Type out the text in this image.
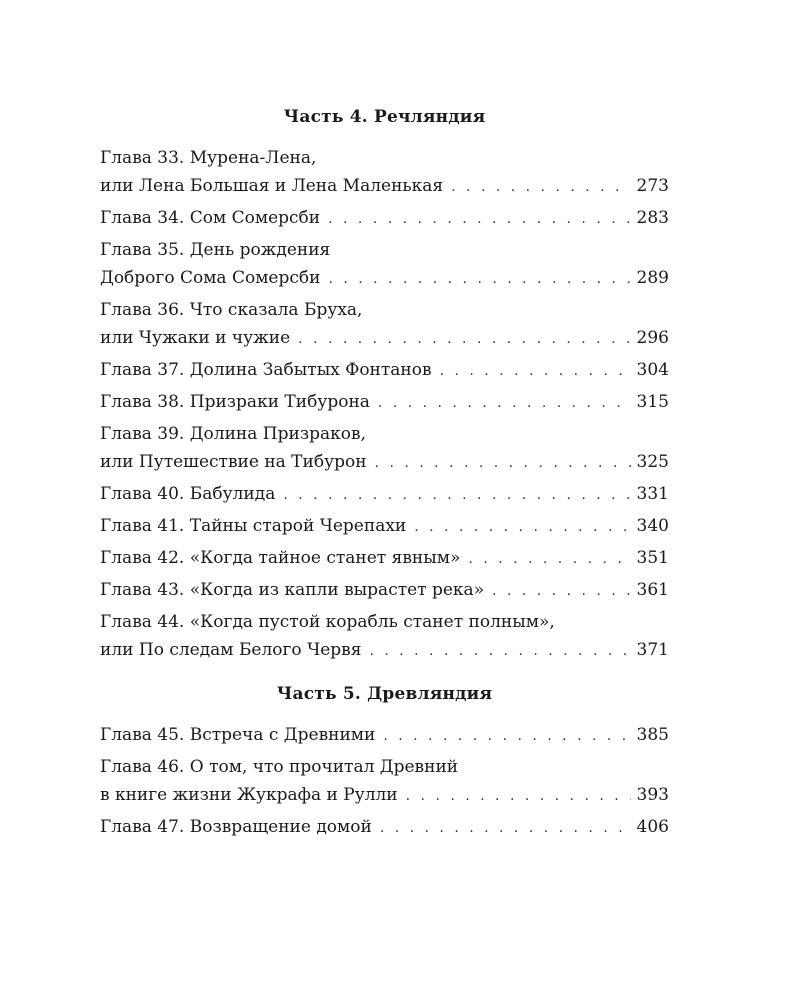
Часть 4. Речляндия
Глава 33. Мурена-Лена,
или Лена Большая и Лена Маленькая . . .	273
Глава 34. Сом Сомерсби . . .	283
Глава 35. День рождения
Доброго Сома Сомерсби . . .	289
Глава 36. Что сказала Бруха,
или Чужаки и чужие . . .	296
Глава 37. Долина Забытых Фонтанов . . .	304
Глава 38. Призраки Тибурона . . .	315
Глава 39. Долина Призраков,
или Путешествие на Тибурон . . .	325
Глава 40. Бабулида . . .	331
Глава 41. Тайны старой Черепахи . . .	340
Глава 42. «Когда тайное станет явным» . . .	351
Глава 43. «Когда из капли вырастет река» . . .	361
Глава 44. «Когда пустой корабль станет полным»,
или По следам Белого Червя . . .	371
Часть 5. Древляндия
Глава 45. Встреча с Древними . . .	385
Глава 46. О том, что прочитал Древний
в книге жизни Жукрафа и Рулли . . .	393
Глава 47. Возвращение домой . . .	406
